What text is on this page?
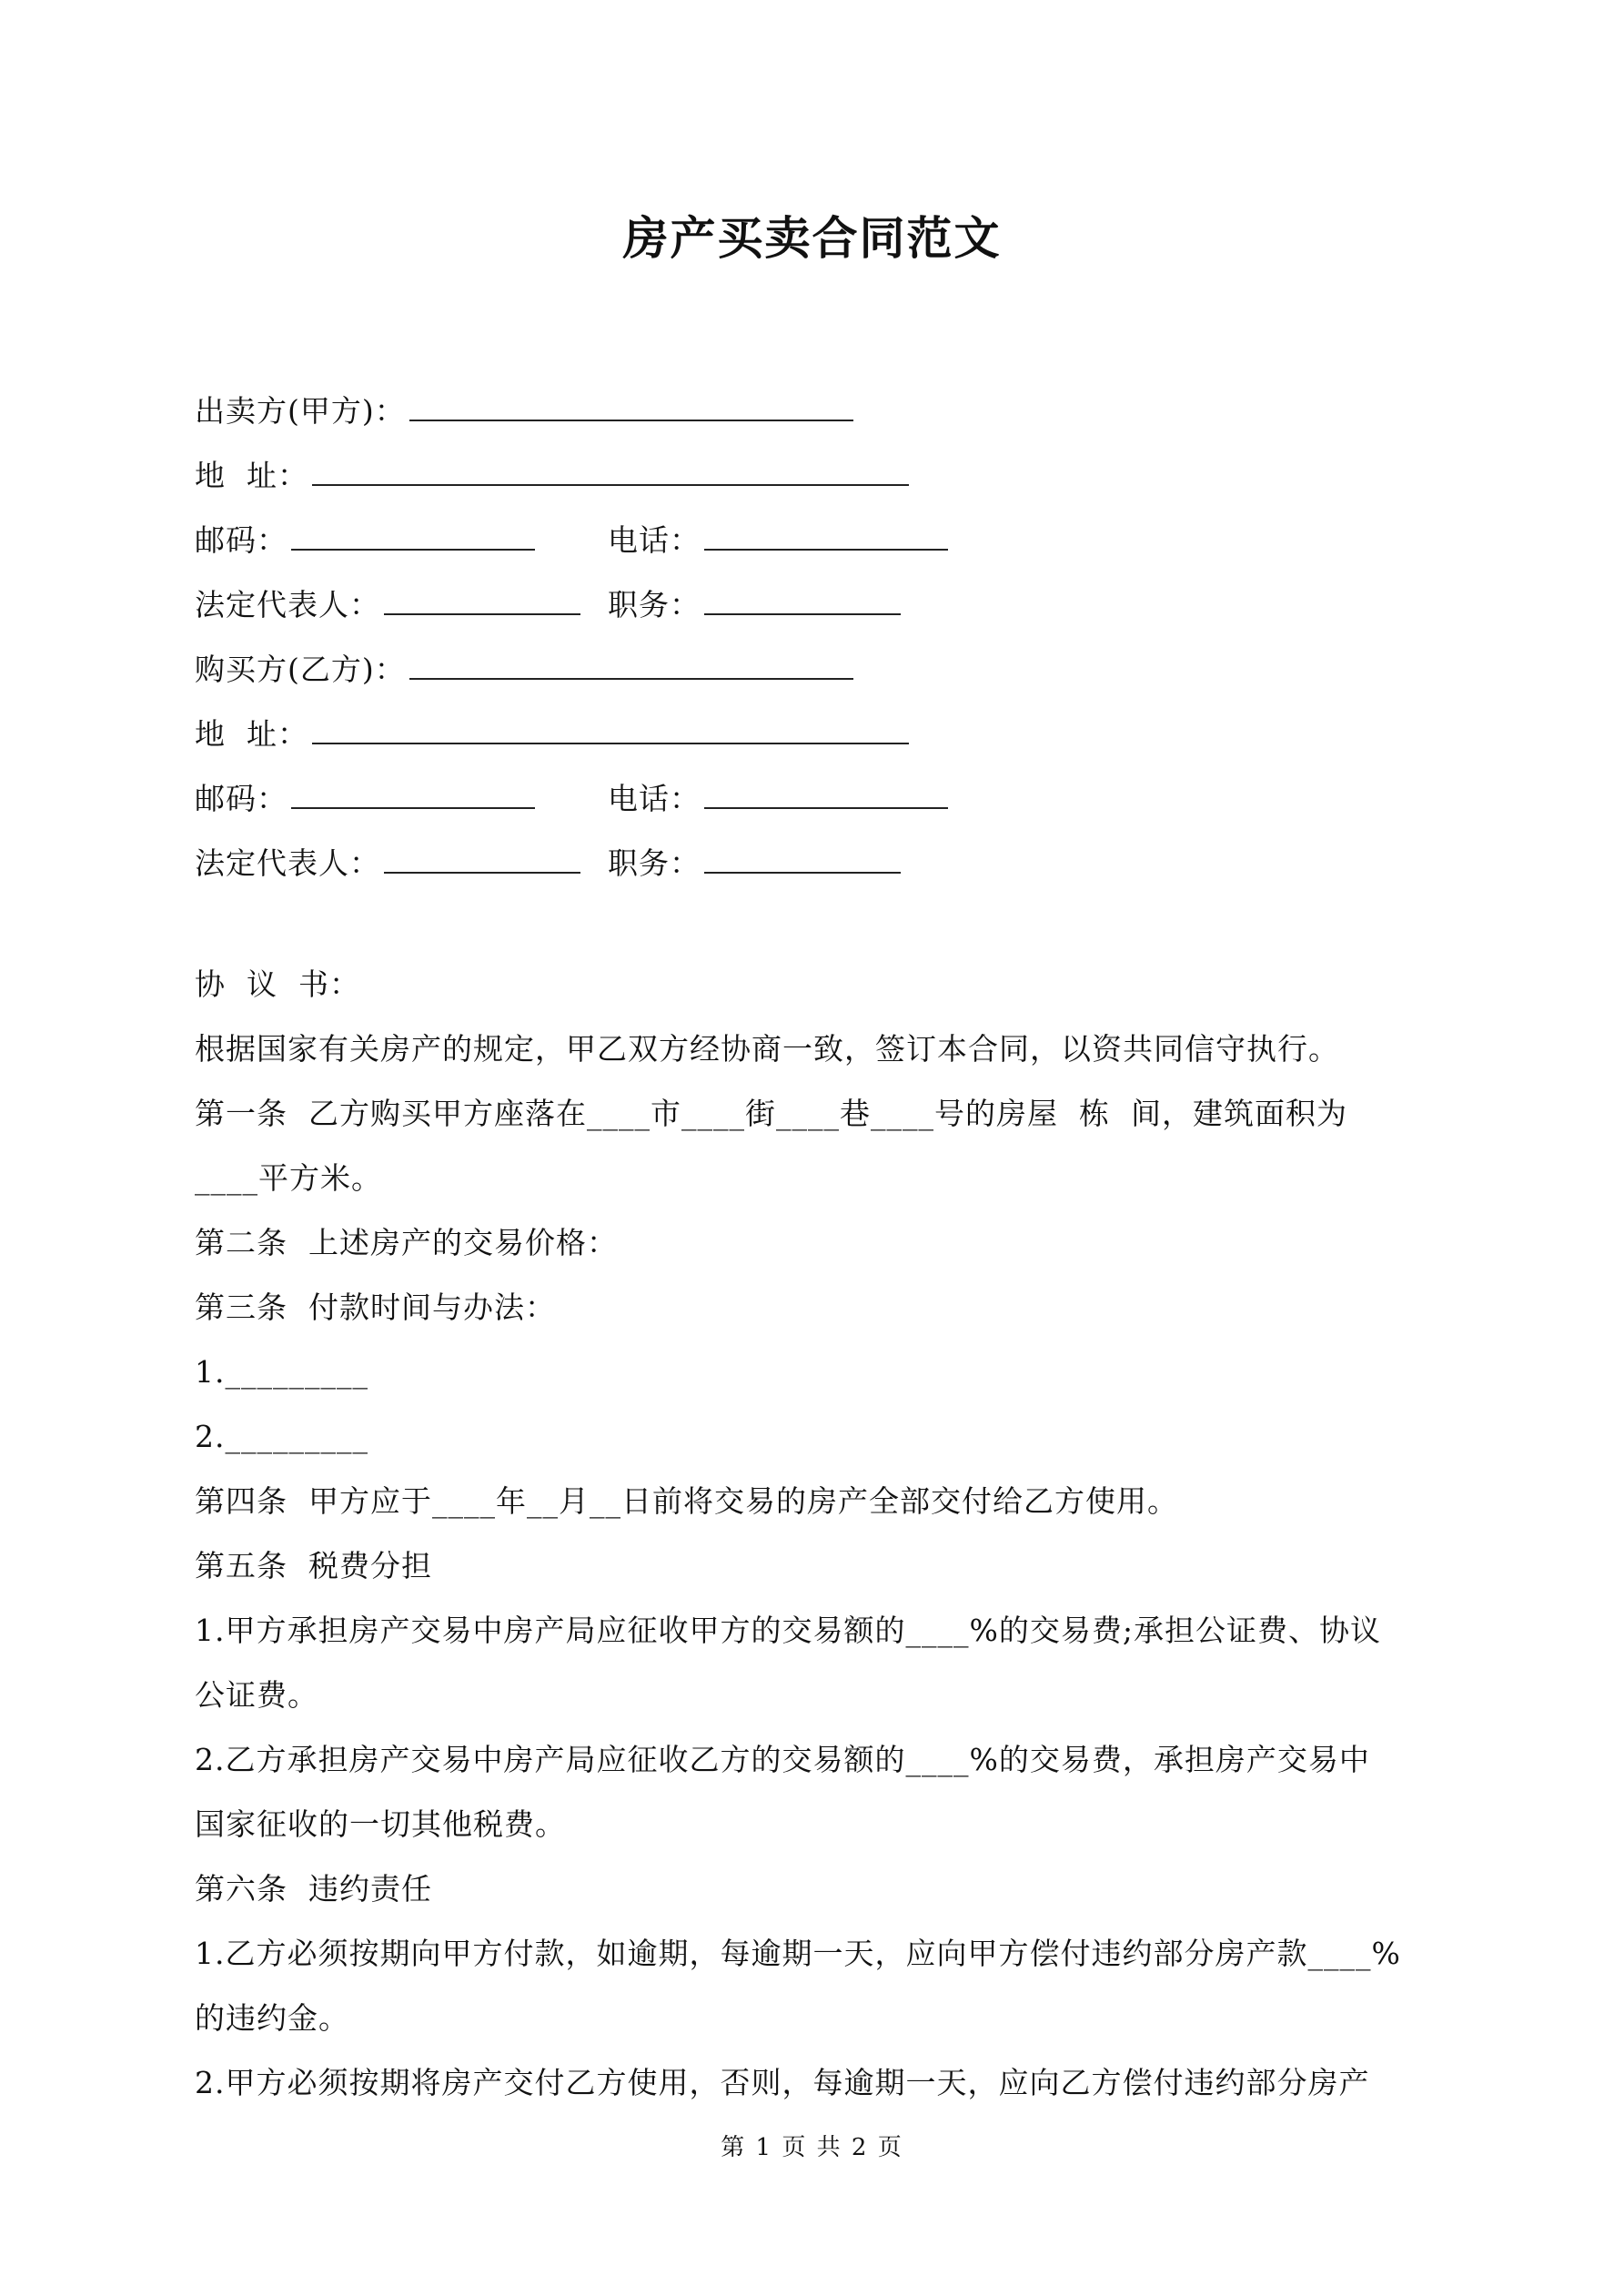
房产买卖合同范文
出卖方(甲方)：
地  址：
邮码：	电话：
法定代表人：	职务：
购买方(乙方)：
地  址：
邮码：	电话：
法定代表人：	职务：
协  议  书：
根据国家有关房产的规定，甲乙双方经协商一致，签订本合同，以资共同信守执行。
第一条  乙方购买甲方座落在____市____街____巷____号的房屋  栋  间，建筑面积为
____平方米。
第二条  上述房产的交易价格：
第三条  付款时间与办法：
1._________
2._________
第四条  甲方应于____年__月__日前将交易的房产全部交付给乙方使用。
第五条  税费分担
1.甲方承担房产交易中房产局应征收甲方的交易额的____%的交易费;承担公证费、协议
公证费。
2.乙方承担房产交易中房产局应征收乙方的交易额的____%的交易费，承担房产交易中
国家征收的一切其他税费。
第六条  违约责任
1.乙方必须按期向甲方付款，如逾期，每逾期一天，应向甲方偿付违约部分房产款____%
的违约金。
2.甲方必须按期将房产交付乙方使用，否则，每逾期一天，应向乙方偿付违约部分房产
第 1 页 共 2 页
